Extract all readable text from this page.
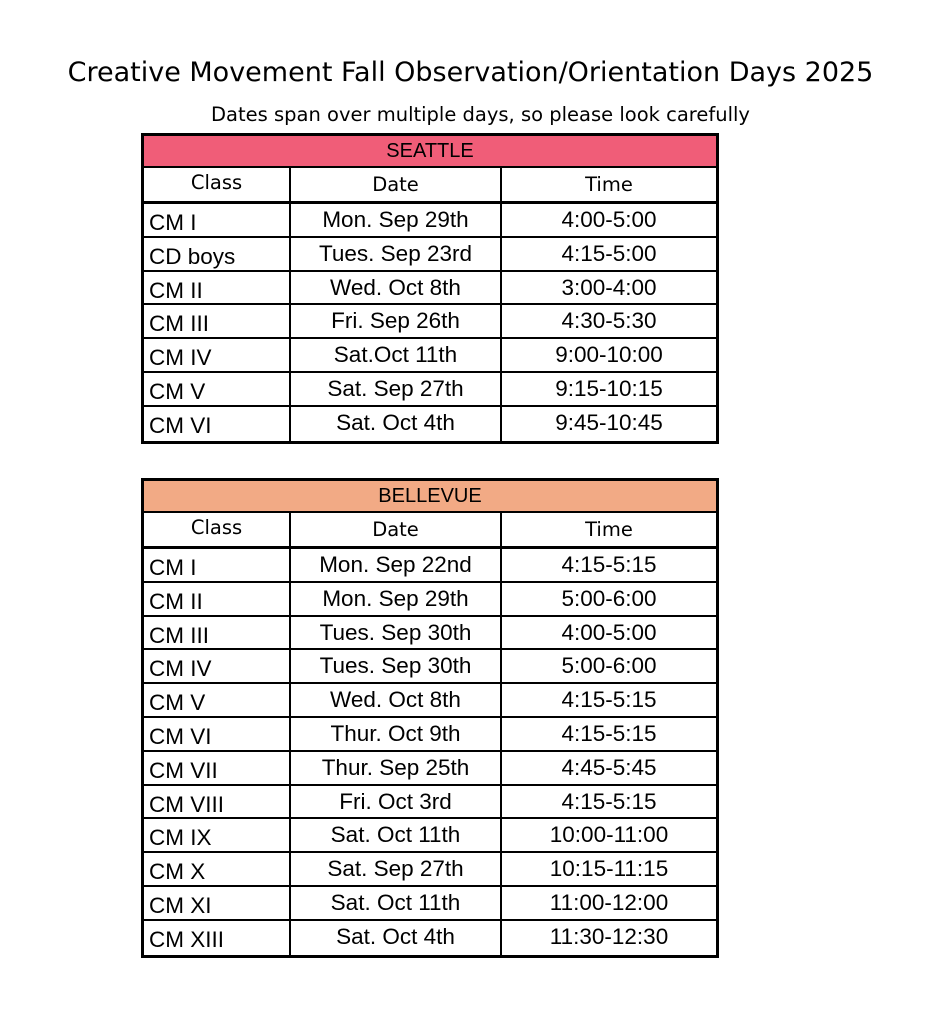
Creative Movement Fall Observation/Orientation Days 2025
Dates span over multiple days, so please look carefully
SEATTLE
Class	Date	Time
CM I	Mon. Sep 29th	4:00-5:00
CD boys	Tues. Sep 23rd	4:15-5:00
CM II	Wed. Oct 8th	3:00-4:00
CM III	Fri. Sep 26th	4:30-5:30
CM IV	Sat.Oct 11th	9:00-10:00
CM V	Sat. Sep 27th	9:15-10:15
CM VI	Sat. Oct 4th	9:45-10:45
BELLEVUE
Class	Date	Time
CM I	Mon. Sep 22nd	4:15-5:15
CM II	Mon. Sep 29th	5:00-6:00
CM III	Tues. Sep 30th	4:00-5:00
CM IV	Tues. Sep 30th	5:00-6:00
CM V	Wed. Oct 8th	4:15-5:15
CM VI	Thur. Oct 9th	4:15-5:15
CM VII	Thur. Sep 25th	4:45-5:45
CM VIII	Fri. Oct 3rd	4:15-5:15
CM IX	Sat. Oct 11th	10:00-11:00
CM X	Sat. Sep 27th	10:15-11:15
CM XI	Sat. Oct 11th	11:00-12:00
CM XIII	Sat. Oct 4th	11:30-12:30
